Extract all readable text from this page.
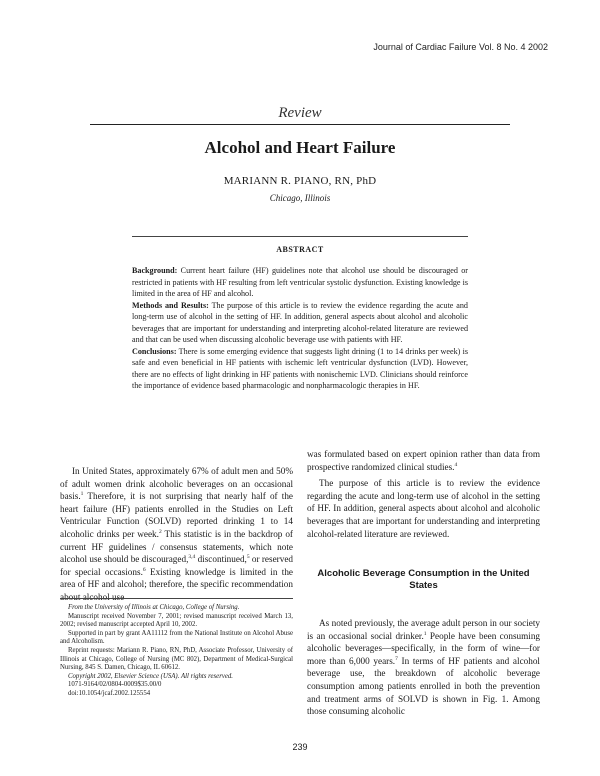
Journal of Cardiac Failure Vol. 8 No. 4 2002
Review
Alcohol and Heart Failure
MARIANN R. PIANO, RN, PhD
Chicago, Illinois
ABSTRACT

Background: Current heart failure (HF) guidelines note that alcohol use should be discouraged or restricted in patients with HF resulting from left ventricular systolic dysfunction. Existing knowledge is limited in the area of HF and alcohol.

Methods and Results: The purpose of this article is to review the evidence regarding the acute and long-term use of alcohol in the setting of HF. In addition, general aspects about alcohol and alcoholic beverages that are important for understanding and interpreting alcohol-related literature are reviewed and that can be used when discussing alcoholic beverage use with patients with HF.

Conclusions: There is some emerging evidence that suggests light drining (1 to 14 drinks per week) is safe and even beneficial in HF patients with ischemic left ventricular dysfunction (LVD). However, there are no effects of light drinking in HF patients with nonischemic LVD. Clinicians should reinforce the importance of evidence based pharmacologic and nonpharmacologic therapies in HF.

In United States, approximately 67% of adult men and 50% of adult women drink alcoholic beverages on an occasional basis.$^1$ Therefore, it is not surprising that nearly half of the heart failure (HF) patients enrolled in the Studies on Left Ventricular Function (SOLVD) reported drinking 1 to 14 alcoholic drinks per week.$^2$ This statistic is in the backdrop of current HF guidelines / consensus statements, which note alcohol use should be discouraged,$^{3,4}$ discontinued,$^5$ or reserved for special occasions.$^6$ Existing knowledge is limited in the area of HF and alcohol; therefore, the specific recommendation about alcohol use

was formulated based on expert opinion rather than data from prospective randomized clinical studies.$^4$

The purpose of this article is to review the evidence regarding the acute and long-term use of alcohol in the setting of HF. In addition, general aspects about alcohol and alcoholic beverages that are important for understanding and interpreting alcohol-related literature are reviewed.

Alcoholic Beverage Consumption in the United States

As noted previously, the average adult person in our society is an occasional social drinker.$^1$ People have been consuming alcoholic beverages—specifically, in the form of wine—for more than 6,000 years.$^7$ In terms of HF patients and alcohol beverage use, the breakdown of alcoholic beverage consumption among patients enrolled in both the prevention and treatment arms of SOLVD is shown in Fig. 1. Among those consuming alcoholic

From the University of Illinois at Chicago, College of Nursing.

Manuscript received November 7, 2001; revised manuscript received March 13, 2002; revised manuscript accepted April 10, 2002.

Supported in part by grant AA11112 from the National Institute on Alcohol Abuse and Alcoholism.

Reprint requests: Mariann R. Piano, RN, PhD, Associate Professor, University of Illinois at Chicago, College of Nursing (MC 802), Department of Medical-Surgical Nursing, 845 S. Damen, Chicago, IL 60612.

Copyright 2002, Elsevier Science (USA). All rights reserved.

1071-9164/02/0804-0009$35.00/0

doi:10.1054/jcaf.2002.125554

239
